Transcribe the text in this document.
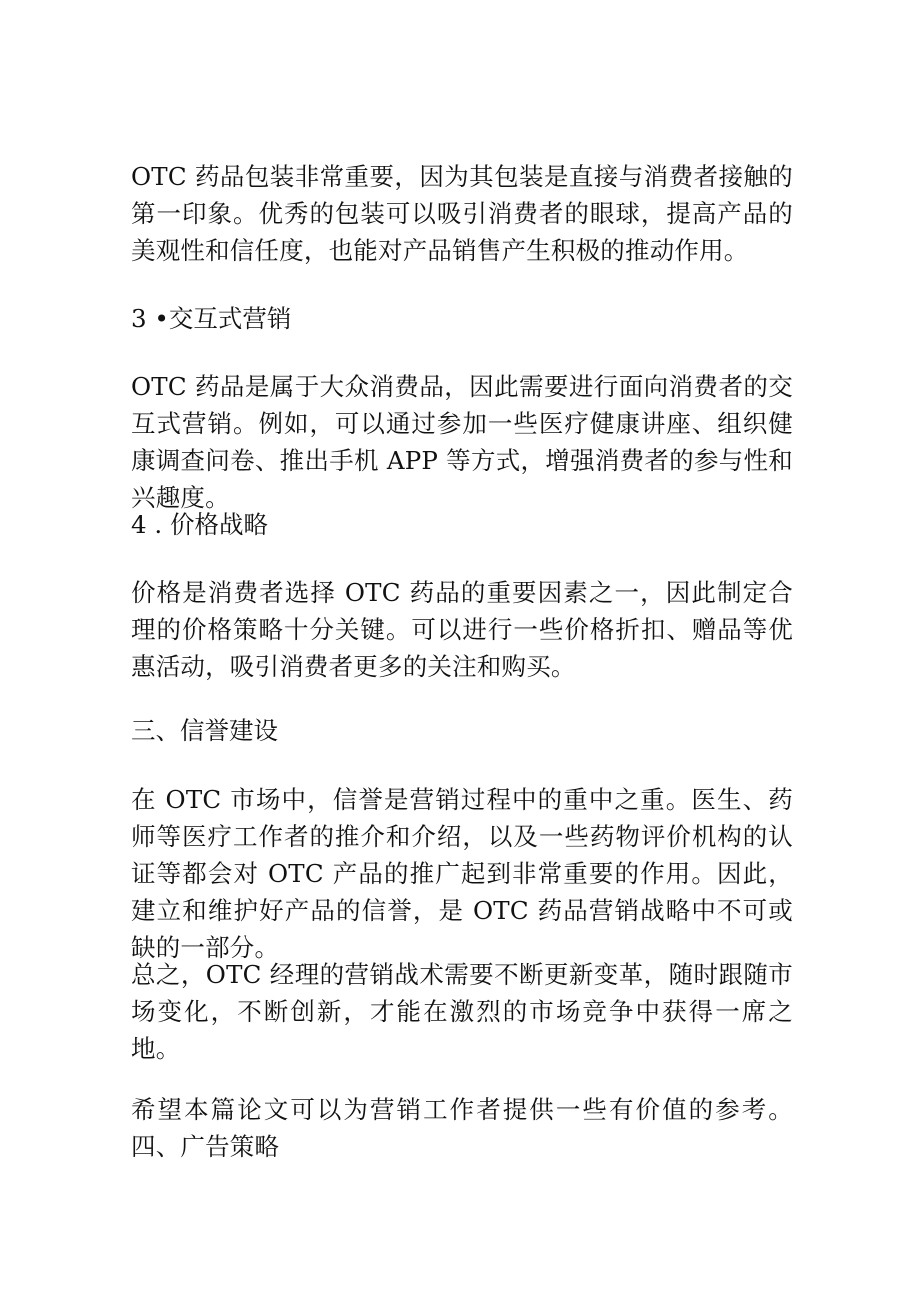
OTC 药品包装非常重要，因为其包装是直接与消费者接触的第一印象。优秀的包装可以吸引消费者的眼球，提高产品的美观性和信任度，也能对产品销售产生积极的推动作用。

3 •交互式营销

OTC 药品是属于大众消费品，因此需要进行面向消费者的交互式营销。例如，可以通过参加一些医疗健康讲座、组织健康调查问卷、推出手机 APP 等方式，增强消费者的参与性和兴趣度。

4 . 价格战略

价格是消费者选择 OTC 药品的重要因素之一，因此制定合理的价格策略十分关键。可以进行一些价格折扣、赠品等优惠活动，吸引消费者更多的关注和购买。

三、信誉建设

在 OTC 市场中，信誉是营销过程中的重中之重。医生、药师等医疗工作者的推介和介绍，以及一些药物评价机构的认证等都会对 OTC 产品的推广起到非常重要的作用。因此，建立和维护好产品的信誉，是 OTC 药品营销战略中不可或缺的一部分。

总之，OTC 经理的营销战术需要不断更新变革，随时跟随市场变化，不断创新，才能在激烈的市场竞争中获得一席之地。

希望本篇论文可以为营销工作者提供一些有价值的参考。四、广告策略
